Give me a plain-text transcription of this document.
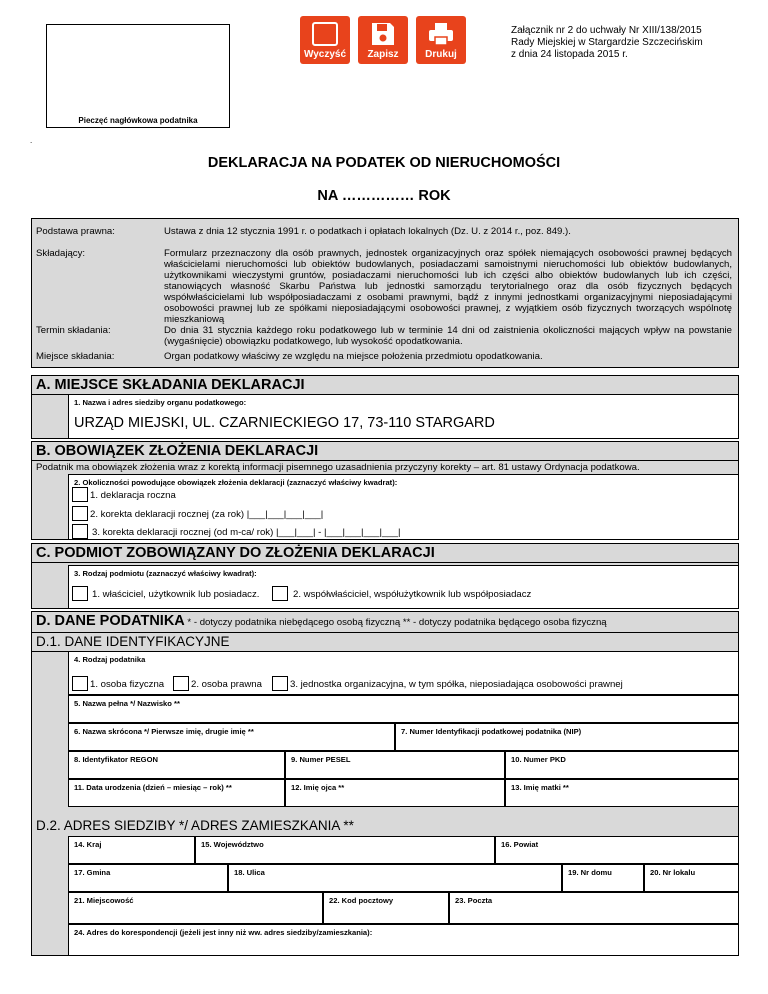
Pieczęć nagłówkowa podatnika
Wyczyść	Zapisz	Drukuj
Załącznik nr 2 do uchwały Nr XIII/138/2015
Rady Miejskiej w Stargardzie Szczecińskim
z dnia 24 listopada 2015 r.
.
DEKLARACJA NA PODATEK OD NIERUCHOMOŚCI
NA …………… ROK
Podstawa prawna:	Ustawa z dnia 12 stycznia 1991 r. o podatkach i opłatach lokalnych (Dz. U. z 2014 r., poz. 849.).
Składający:	Formularz przeznaczony dla osób prawnych, jednostek organizacyjnych oraz spółek niemających osobowości prawnej będących właścicielami nieruchomości lub obiektów budowlanych, posiadaczami samoistnymi nieruchomości lub obiektów budowlanych, użytkownikami wieczystymi gruntów, posiadaczami nieruchomości lub ich części albo obiektów budowlanych lub ich części, stanowiących własność Skarbu Państwa lub jednostki samorządu terytorialnego oraz dla osób fizycznych będących współwłaścicielami lub współposiadaczami z osobami prawnymi, bądź z innymi jednostkami organizacyjnymi nieposiadającymi osobowości prawnej lub ze spółkami nieposiadającymi osobowości prawnej, z wyjątkiem osób fizycznych tworzących wspólnotę mieszkaniową
Termin składania:	Do dnia 31 stycznia każdego roku podatkowego lub w terminie 14 dni od zaistnienia okoliczności mających wpływ na powstanie (wygaśnięcie) obowiązku podatkowego, lub wysokość opodatkowania.
Miejsce składania:	Organ podatkowy właściwy ze względu na miejsce położenia przedmiotu opodatkowania.
A. MIEJSCE SKŁADANIA DEKLARACJI
1. Nazwa i adres siedziby organu podatkowego:
URZĄD MIEJSKI, UL. CZARNIECKIEGO 17, 73-110 STARGARD
B. OBOWIĄZEK ZŁOŻENIA DEKLARACJI
Podatnik ma obowiązek złożenia wraz z korektą informacji pisemnego uzasadnienia przyczyny korekty – art. 81 ustawy Ordynacja podatkowa.
2. Okoliczności powodujące obowiązek złożenia deklaracji (zaznaczyć właściwy kwadrat):
1. deklaracja roczna
2. korekta deklaracji rocznej (za rok) |___|___|___|___|
3. korekta deklaracji rocznej (od m-ca/ rok) |___|___| - |___|___|___|___|
C. PODMIOT ZOBOWIĄZANY DO ZŁOŻENIA DEKLARACJI
3. Rodzaj podmiotu (zaznaczyć właściwy kwadrat):
1. właściciel, użytkownik lub posiadacz.	2. współwłaściciel, współużytkownik lub współposiadacz
D. DANE PODATNIKA * - dotyczy podatnika niebędącego osobą fizyczną ** - dotyczy podatnika będącego osoba fizyczną
D.1. DANE IDENTYFIKACYJNE
4. Rodzaj podatnika
1. osoba fizyczna	2. osoba prawna	3. jednostka organizacyjna, w tym spółka, nieposiadająca osobowości prawnej
5. Nazwa pełna */ Nazwisko **
6. Nazwa skrócona */ Pierwsze imię, drugie imię **	7. Numer Identyfikacji podatkowej podatnika (NIP)
8. Identyfikator REGON	9. Numer PESEL	10. Numer PKD
11. Data urodzenia (dzień – miesiąc – rok) **	12. Imię ojca **	13. Imię matki **
D.2. ADRES SIEDZIBY */ ADRES ZAMIESZKANIA **
14. Kraj	15. Województwo	16. Powiat
17. Gmina	18. Ulica	19. Nr domu	20. Nr lokalu
21. Miejscowość	22. Kod pocztowy	23. Poczta
24. Adres do korespondencji (jeżeli jest inny niż ww. adres siedziby/zamieszkania):
